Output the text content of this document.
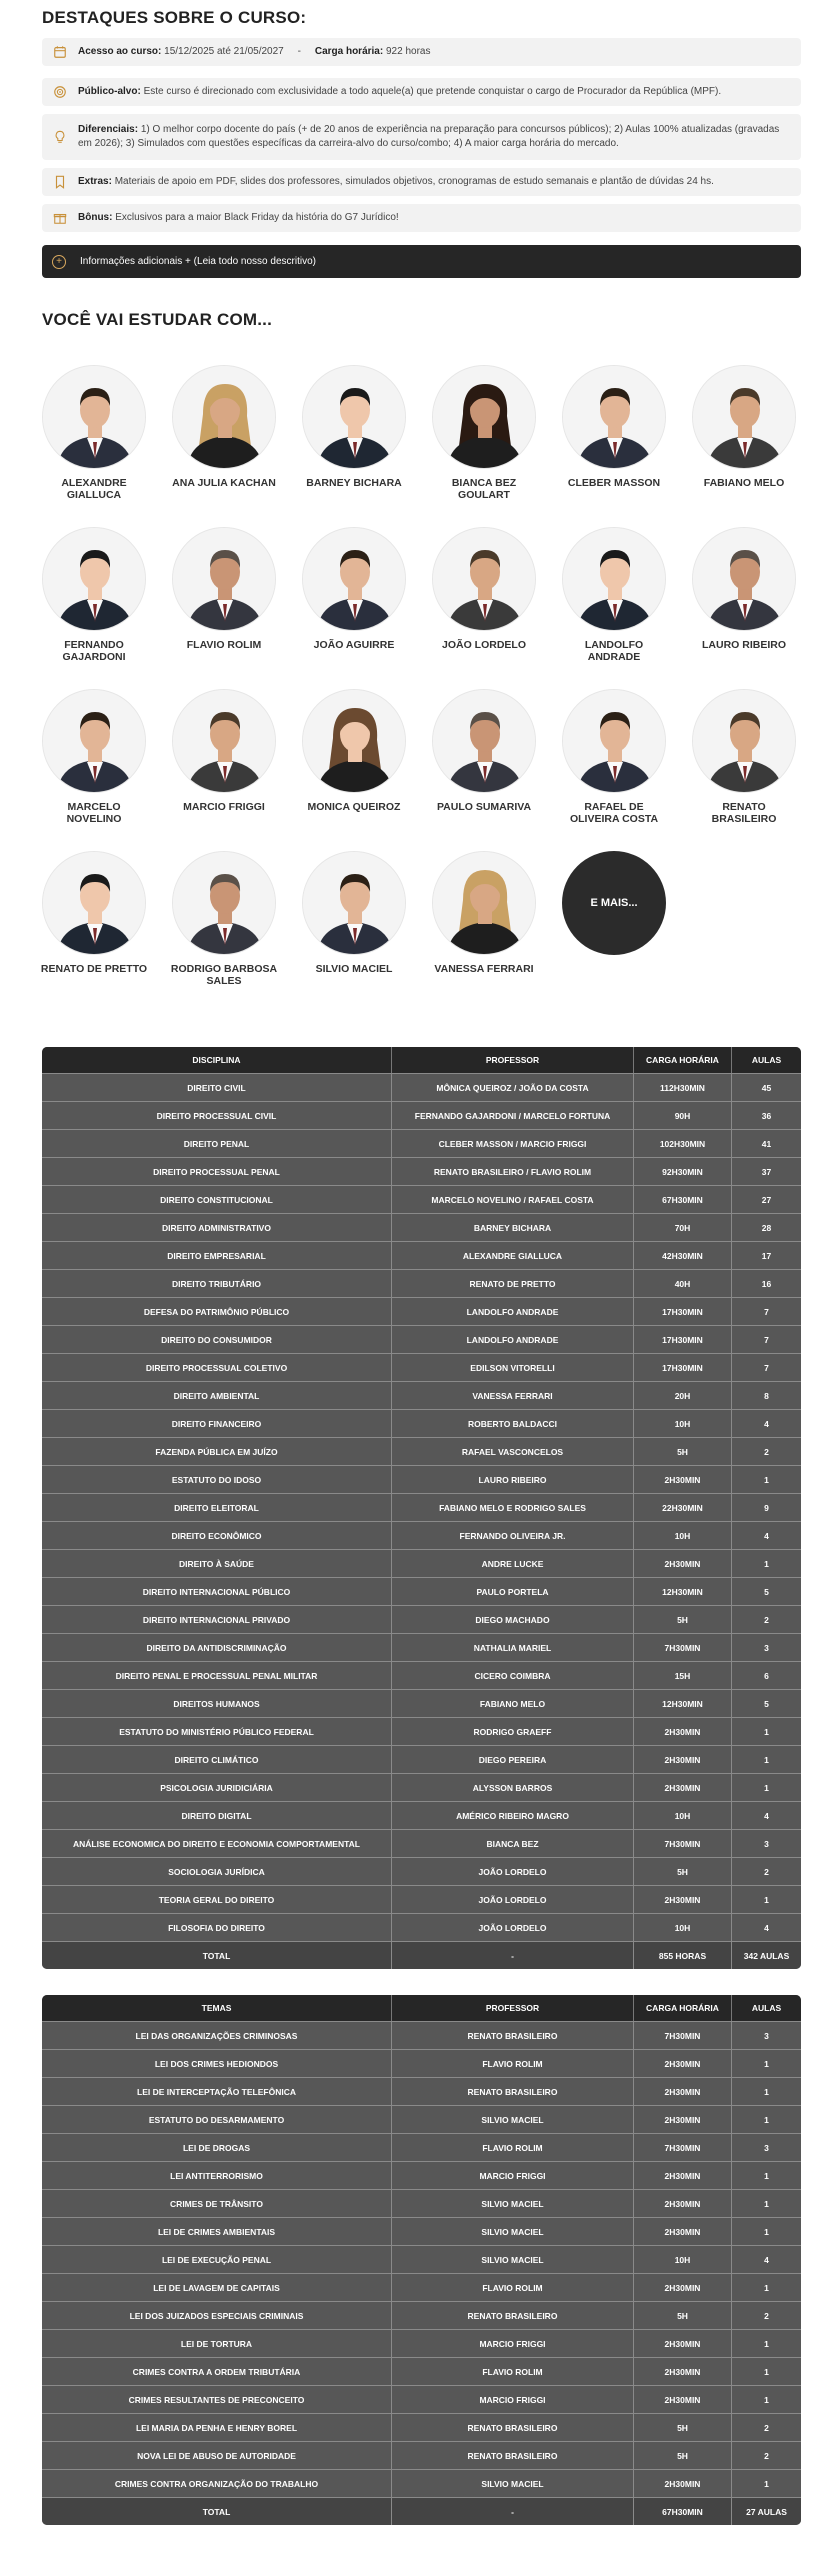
DESTAQUES SOBRE O CURSO:
Acesso ao curso: 15/12/2025 até 21/05/2027     -     Carga horária: 922 horas
Público-alvo: Este curso é direcionado com exclusividade a todo aquele(a) que pretende conquistar o cargo de Procurador da República (MPF).
Diferenciais: 1) O melhor corpo docente do país (+ de 20 anos de experiência na preparação para concursos públicos); 2) Aulas 100% atualizadas (gravadas em 2026); 3) Simulados com questões específicas da carreira-alvo do curso/combo; 4) A maior carga horária do mercado.
Extras: Materiais de apoio em PDF, slides dos professores, simulados objetivos, cronogramas de estudo semanais e plantão de dúvidas 24 hs.
Bônus: Exclusivos para a maior Black Friday da história do G7 Jurídico!
+	Informações adicionais + (Leia todo nosso descritivo)
VOCÊ VAI ESTUDAR COM...
ALEXANDRE GIALLUCA
ANA JULIA KACHAN	BARNEY BICHARA	BIANCA BEZ GOULART
CLEBER MASSON	FABIANO MELO
FERNANDO GAJARDONI
FLAVIO ROLIM	JOÃO AGUIRRE	JOÃO LORDELO	LANDOLFO ANDRADE
LAURO RIBEIRO
MARCELO NOVELINO
MARCIO FRIGGI	MONICA QUEIROZ	PAULO SUMARIVA	RAFAEL DE OLIVEIRA COSTA
RENATO BRASILEIRO
RENATO DE PRETTO RODRIGO BARBOSA SALES
SILVIO MACIEL	VANESSA FERRARI
E MAIS...
DISCIPLINA	PROFESSOR	CARGA HORÁRIA	AULAS
DIREITO CIVIL	MÔNICA QUEIROZ / JOÃO DA COSTA	112H30MIN	45
DIREITO PROCESSUAL CIVIL	FERNANDO GAJARDONI / MARCELO FORTUNA	90H	36
DIREITO PENAL	CLEBER MASSON / MARCIO FRIGGI	102H30MIN	41
DIREITO PROCESSUAL PENAL	RENATO BRASILEIRO / FLAVIO ROLIM	92H30MIN	37
DIREITO CONSTITUCIONAL	MARCELO NOVELINO / RAFAEL COSTA	67H30MIN	27
DIREITO ADMINISTRATIVO	BARNEY BICHARA	70H	28
DIREITO EMPRESARIAL	ALEXANDRE GIALLUCA	42H30MIN	17
DIREITO TRIBUTÁRIO	RENATO DE PRETTO	40H	16
DEFESA DO PATRIMÔNIO PÚBLICO	LANDOLFO ANDRADE	17H30MIN	7
DIREITO DO CONSUMIDOR	LANDOLFO ANDRADE	17H30MIN	7
DIREITO PROCESSUAL COLETIVO	EDILSON VITORELLI	17H30MIN	7
DIREITO AMBIENTAL	VANESSA FERRARI	20H	8
DIREITO FINANCEIRO	ROBERTO BALDACCI	10H	4
FAZENDA PÚBLICA EM JUÍZO	RAFAEL VASCONCELOS	5H	2
ESTATUTO DO IDOSO	LAURO RIBEIRO	2H30MIN	1
DIREITO ELEITORAL	FABIANO MELO E RODRIGO SALES	22H30MIN	9
DIREITO ECONÔMICO	FERNANDO OLIVEIRA JR.	10H	4
DIREITO À SAÚDE	ANDRE LUCKE	2H30MIN	1
DIREITO INTERNACIONAL PÚBLICO	PAULO PORTELA	12H30MIN	5
DIREITO INTERNACIONAL PRIVADO	DIEGO MACHADO	5H	2
DIREITO DA ANTIDISCRIMINAÇÃO	NATHALIA MARIEL	7H30MIN	3
DIREITO PENAL E PROCESSUAL PENAL MILITAR	CICERO COIMBRA	15H	6
DIREITOS HUMANOS	FABIANO MELO	12H30MIN	5
ESTATUTO DO MINISTÉRIO PÚBLICO FEDERAL	RODRIGO GRAEFF	2H30MIN	1
DIREITO CLIMÁTICO	DIEGO PEREIRA	2H30MIN	1
PSICOLOGIA JURIDICIÁRIA	ALYSSON BARROS	2H30MIN	1
DIREITO DIGITAL	AMÉRICO RIBEIRO MAGRO	10H	4
ANÁLISE ECONOMICA DO DIREITO E ECONOMIA COMPORTAMENTAL	BIANCA BEZ	7H30MIN	3
SOCIOLOGIA JURÍDICA	JOÃO LORDELO	5H	2
TEORIA GERAL DO DIREITO	JOÃO LORDELO	2H30MIN	1
FILOSOFIA DO DIREITO	JOÃO LORDELO	10H	4
TOTAL	-	855 HORAS	342 AULAS
TEMAS	PROFESSOR	CARGA HORÁRIA	AULAS
LEI DAS ORGANIZAÇÕES CRIMINOSAS	RENATO BRASILEIRO	7H30MIN	3
LEI DOS CRIMES HEDIONDOS	FLAVIO ROLIM	2H30MIN	1
LEI DE INTERCEPTAÇÃO TELEFÔNICA	RENATO BRASILEIRO	2H30MIN	1
ESTATUTO DO DESARMAMENTO	SILVIO MACIEL	2H30MIN	1
LEI DE DROGAS	FLAVIO ROLIM	7H30MIN	3
LEI ANTITERRORISMO	MARCIO FRIGGI	2H30MIN	1
CRIMES DE TRÂNSITO	SILVIO MACIEL	2H30MIN	1
LEI DE CRIMES AMBIENTAIS	SILVIO MACIEL	2H30MIN	1
LEI DE EXECUÇÃO PENAL	SILVIO MACIEL	10H	4
LEI DE LAVAGEM DE CAPITAIS	FLAVIO ROLIM	2H30MIN	1
LEI DOS JUIZADOS ESPECIAIS CRIMINAIS	RENATO BRASILEIRO	5H	2
LEI DE TORTURA	MARCIO FRIGGI	2H30MIN	1
CRIMES CONTRA A ORDEM TRIBUTÁRIA	FLAVIO ROLIM	2H30MIN	1
CRIMES RESULTANTES DE PRECONCEITO	MARCIO FRIGGI	2H30MIN	1
LEI MARIA DA PENHA E HENRY BOREL	RENATO BRASILEIRO	5H	2
NOVA LEI DE ABUSO DE AUTORIDADE	RENATO BRASILEIRO	5H	2
CRIMES CONTRA ORGANIZAÇÃO DO TRABALHO	SILVIO MACIEL	2H30MIN	1
TOTAL	-	67H30MIN	27 AULAS
